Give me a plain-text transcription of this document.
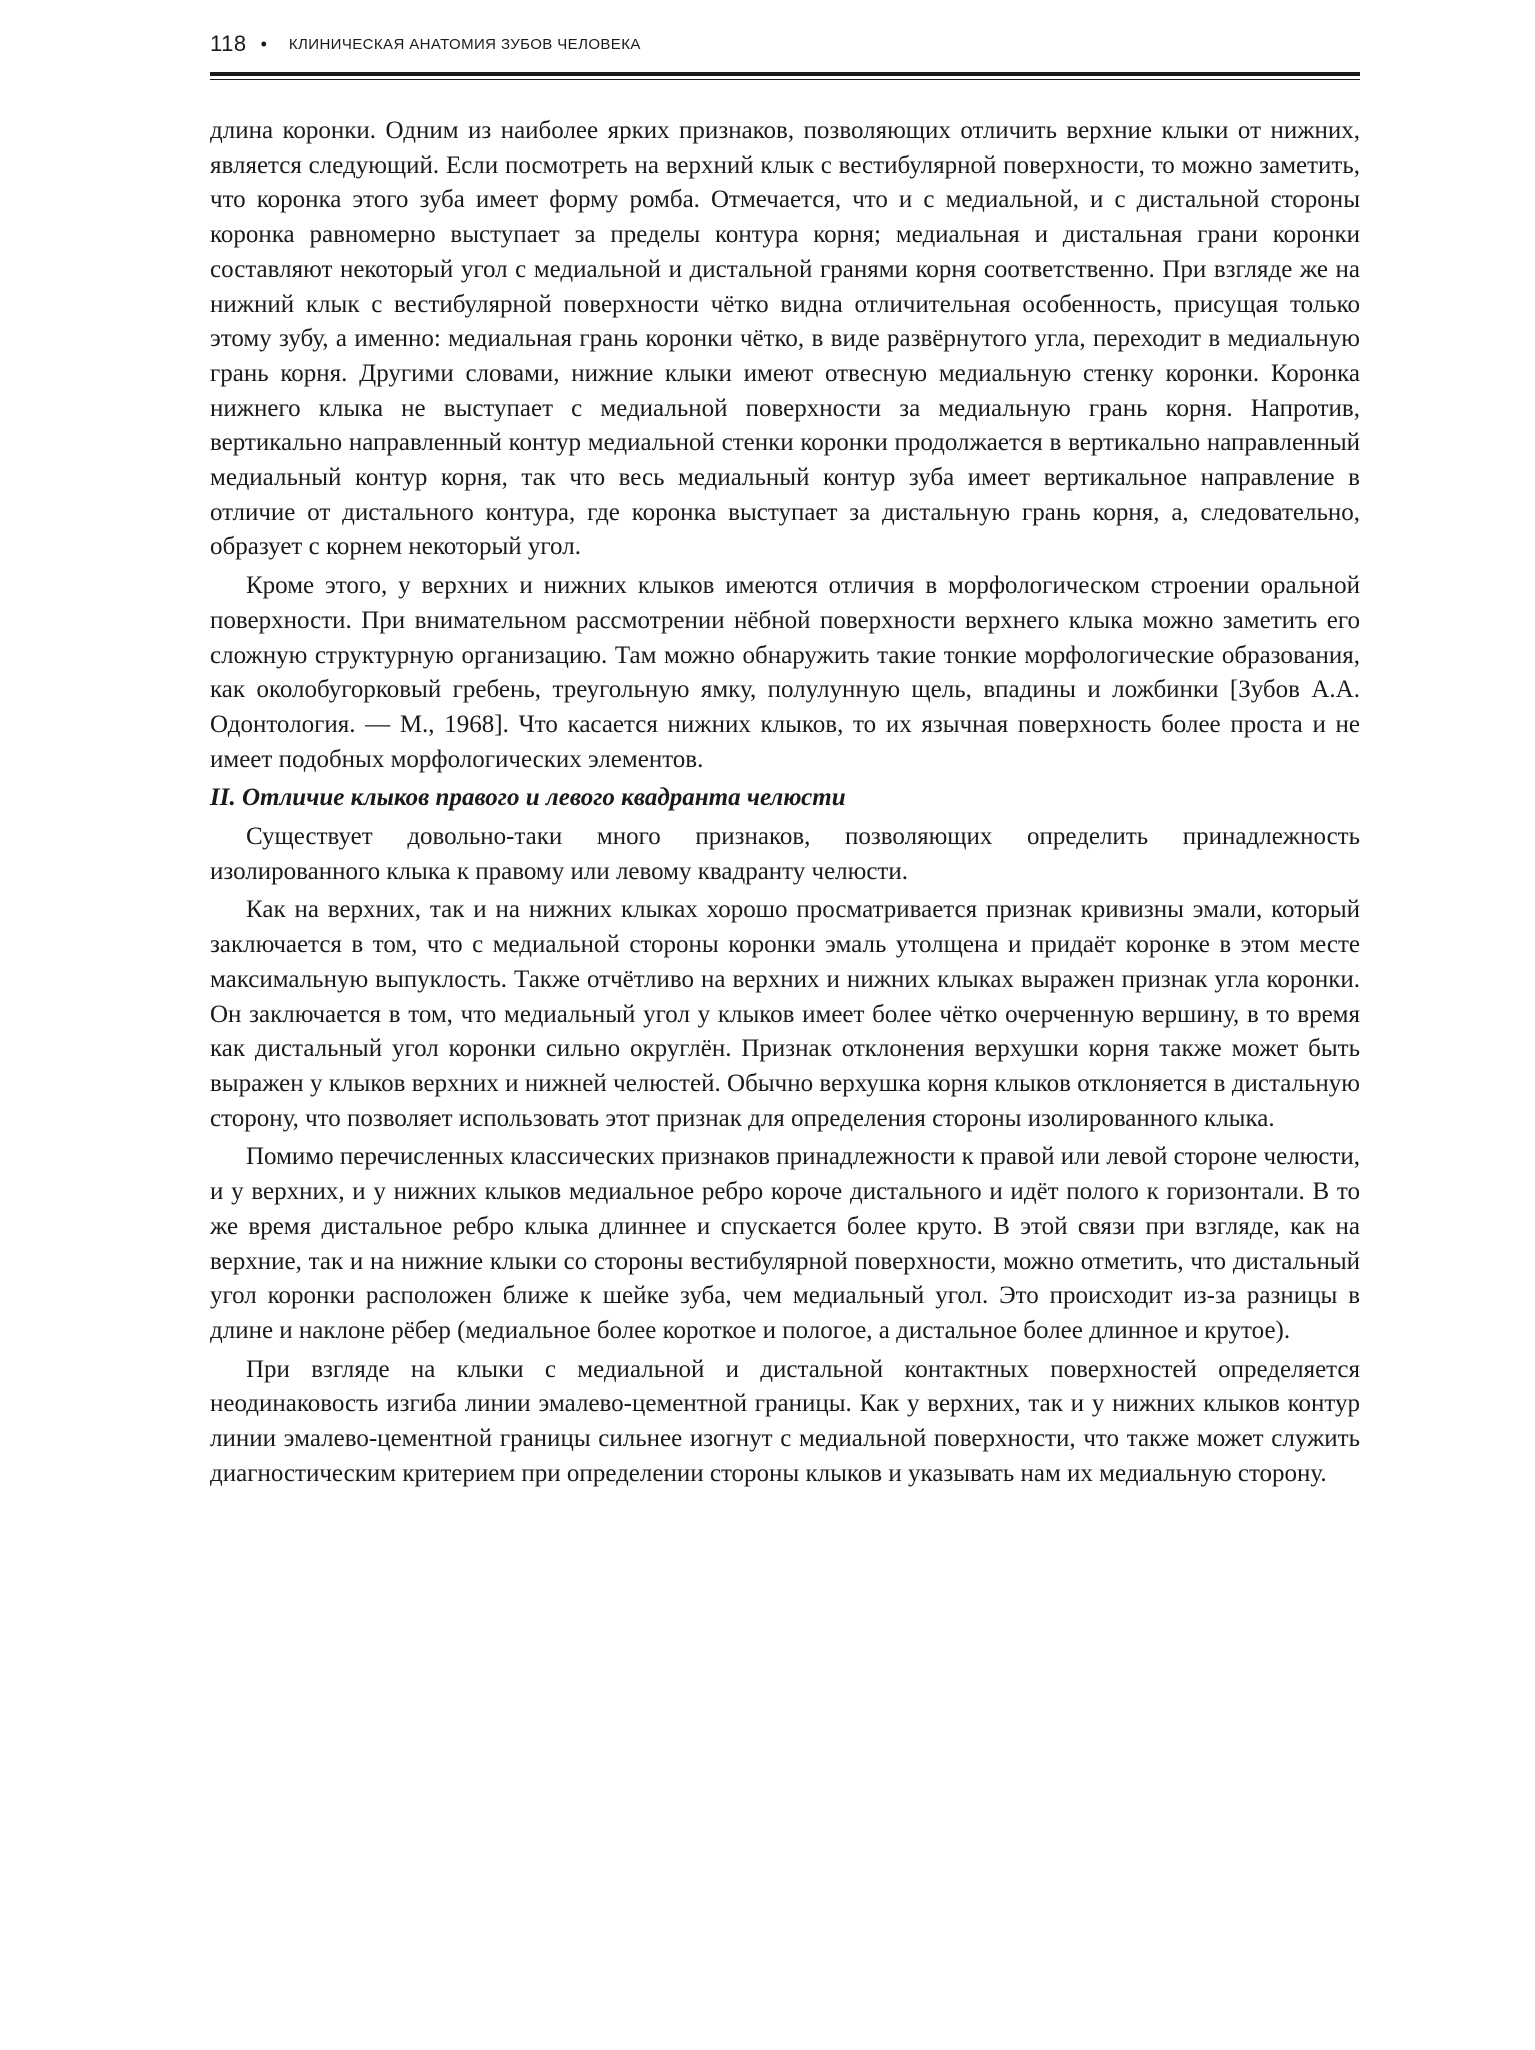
118 • КЛИНИЧЕСКАЯ АНАТОМИЯ ЗУБОВ ЧЕЛОВЕКА

длина коронки. Одним из наиболее ярких признаков, позволяющих отличить верхние клыки от нижних, является следующий. Если посмотреть на верхний клык с вестибулярной поверхности, то можно заметить, что коронка этого зуба имеет форму ромба. Отмечается, что и с медиальной, и с дистальной стороны коронка равномерно выступает за пределы контура корня; медиальная и дистальная грани коронки составляют некоторый угол с медиальной и дистальной гранями корня соответственно. При взгляде же на нижний клык с вестибулярной поверхности чётко видна отличительная особенность, присущая только этому зубу, а именно: медиальная грань коронки чётко, в виде развёрнутого угла, переходит в медиальную грань корня. Другими словами, нижние клыки имеют отвесную медиальную стенку коронки. Коронка нижнего клыка не выступает с медиальной поверхности за медиальную грань корня. Напротив, вертикально направленный контур медиальной стенки коронки продолжается в вертикально направленный медиальный контур корня, так что весь медиальный контур зуба имеет вертикальное направление в отличие от дистального контура, где коронка выступает за дистальную грань корня, а, следовательно, образует с корнем некоторый угол.

Кроме этого, у верхних и нижних клыков имеются отличия в морфологическом строении оральной поверхности. При внимательном рассмотрении нёбной поверхности верхнего клыка можно заметить его сложную структурную организацию. Там можно обнаружить такие тонкие морфологические образования, как околобугорковый гребень, треугольную ямку, полулунную щель, впадины и ложбинки [Зубов А.А. Одонтология. — М., 1968]. Что касается нижних клыков, то их язычная поверхность более проста и не имеет подобных морфологических элементов.

II. Отличие клыков правого и левого квадранта челюсти

Существует довольно-таки много признаков, позволяющих определить принадлежность изолированного клыка к правому или левому квадранту челюсти.

Как на верхних, так и на нижних клыках хорошо просматривается признак кривизны эмали, который заключается в том, что с медиальной стороны коронки эмаль утолщена и придаёт коронке в этом месте максимальную выпуклость. Также отчётливо на верхних и нижних клыках выражен признак угла коронки. Он заключается в том, что медиальный угол у клыков имеет более чётко очерченную вершину, в то время как дистальный угол коронки сильно округлён. Признак отклонения верхушки корня также может быть выражен у клыков верхних и нижней челюстей. Обычно верхушка корня клыков отклоняется в дистальную сторону, что позволяет использовать этот признак для определения стороны изолированного клыка.

Помимо перечисленных классических признаков принадлежности к правой или левой стороне челюсти, и у верхних, и у нижних клыков медиальное ребро короче дистального и идёт полого к горизонтали. В то же время дистальное ребро клыка длиннее и спускается более круто. В этой связи при взгляде, как на верхние, так и на нижние клыки со стороны вестибулярной поверхности, можно отметить, что дистальный угол коронки расположен ближе к шейке зуба, чем медиальный угол. Это происходит из-за разницы в длине и наклоне рёбер (медиальное более короткое и пологое, а дистальное более длинное и крутое).

При взгляде на клыки с медиальной и дистальной контактных поверхностей определяется неодинаковость изгиба линии эмалево-цементной границы. Как у верхних, так и у нижних клыков контур линии эмалево-цементной границы сильнее изогнут с медиальной поверхности, что также может служить диагностическим критерием при определении стороны клыков и указывать нам их медиальную сторону.
